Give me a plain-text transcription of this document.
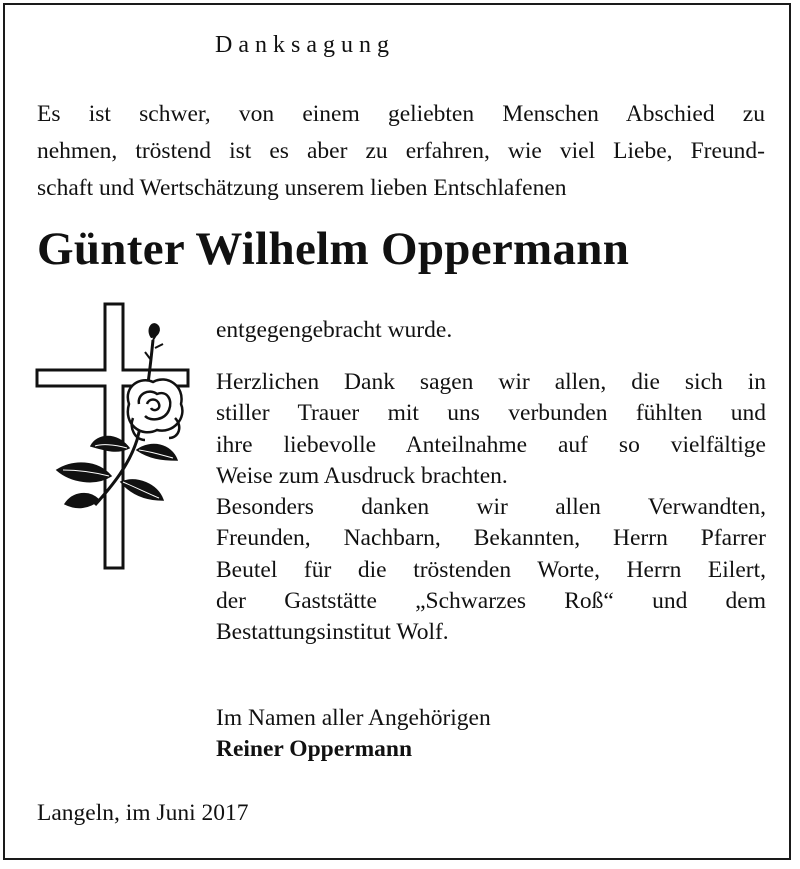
Danksagung
Es ist schwer, von einem geliebten Menschen Abschied zu
nehmen, tröstend ist es aber zu erfahren, wie viel Liebe, Freund-
schaft und Wertschätzung unserem lieben Entschlafenen
Günter Wilhelm Oppermann
entgegengebracht wurde.
Herzlichen Dank sagen wir allen, die sich in
stiller Trauer mit uns verbunden fühlten und
ihre liebevolle Anteilnahme auf so vielfältige
Weise zum Ausdruck brachten.
Besonders danken wir allen Verwandten,
Freunden, Nachbarn, Bekannten, Herrn Pfarrer
Beutel für die tröstenden Worte, Herrn Eilert,
der Gaststätte „Schwarzes Roß“ und dem
Bestattungsinstitut Wolf.
Im Namen aller Angehörigen
Reiner Oppermann
Langeln, im Juni 2017
